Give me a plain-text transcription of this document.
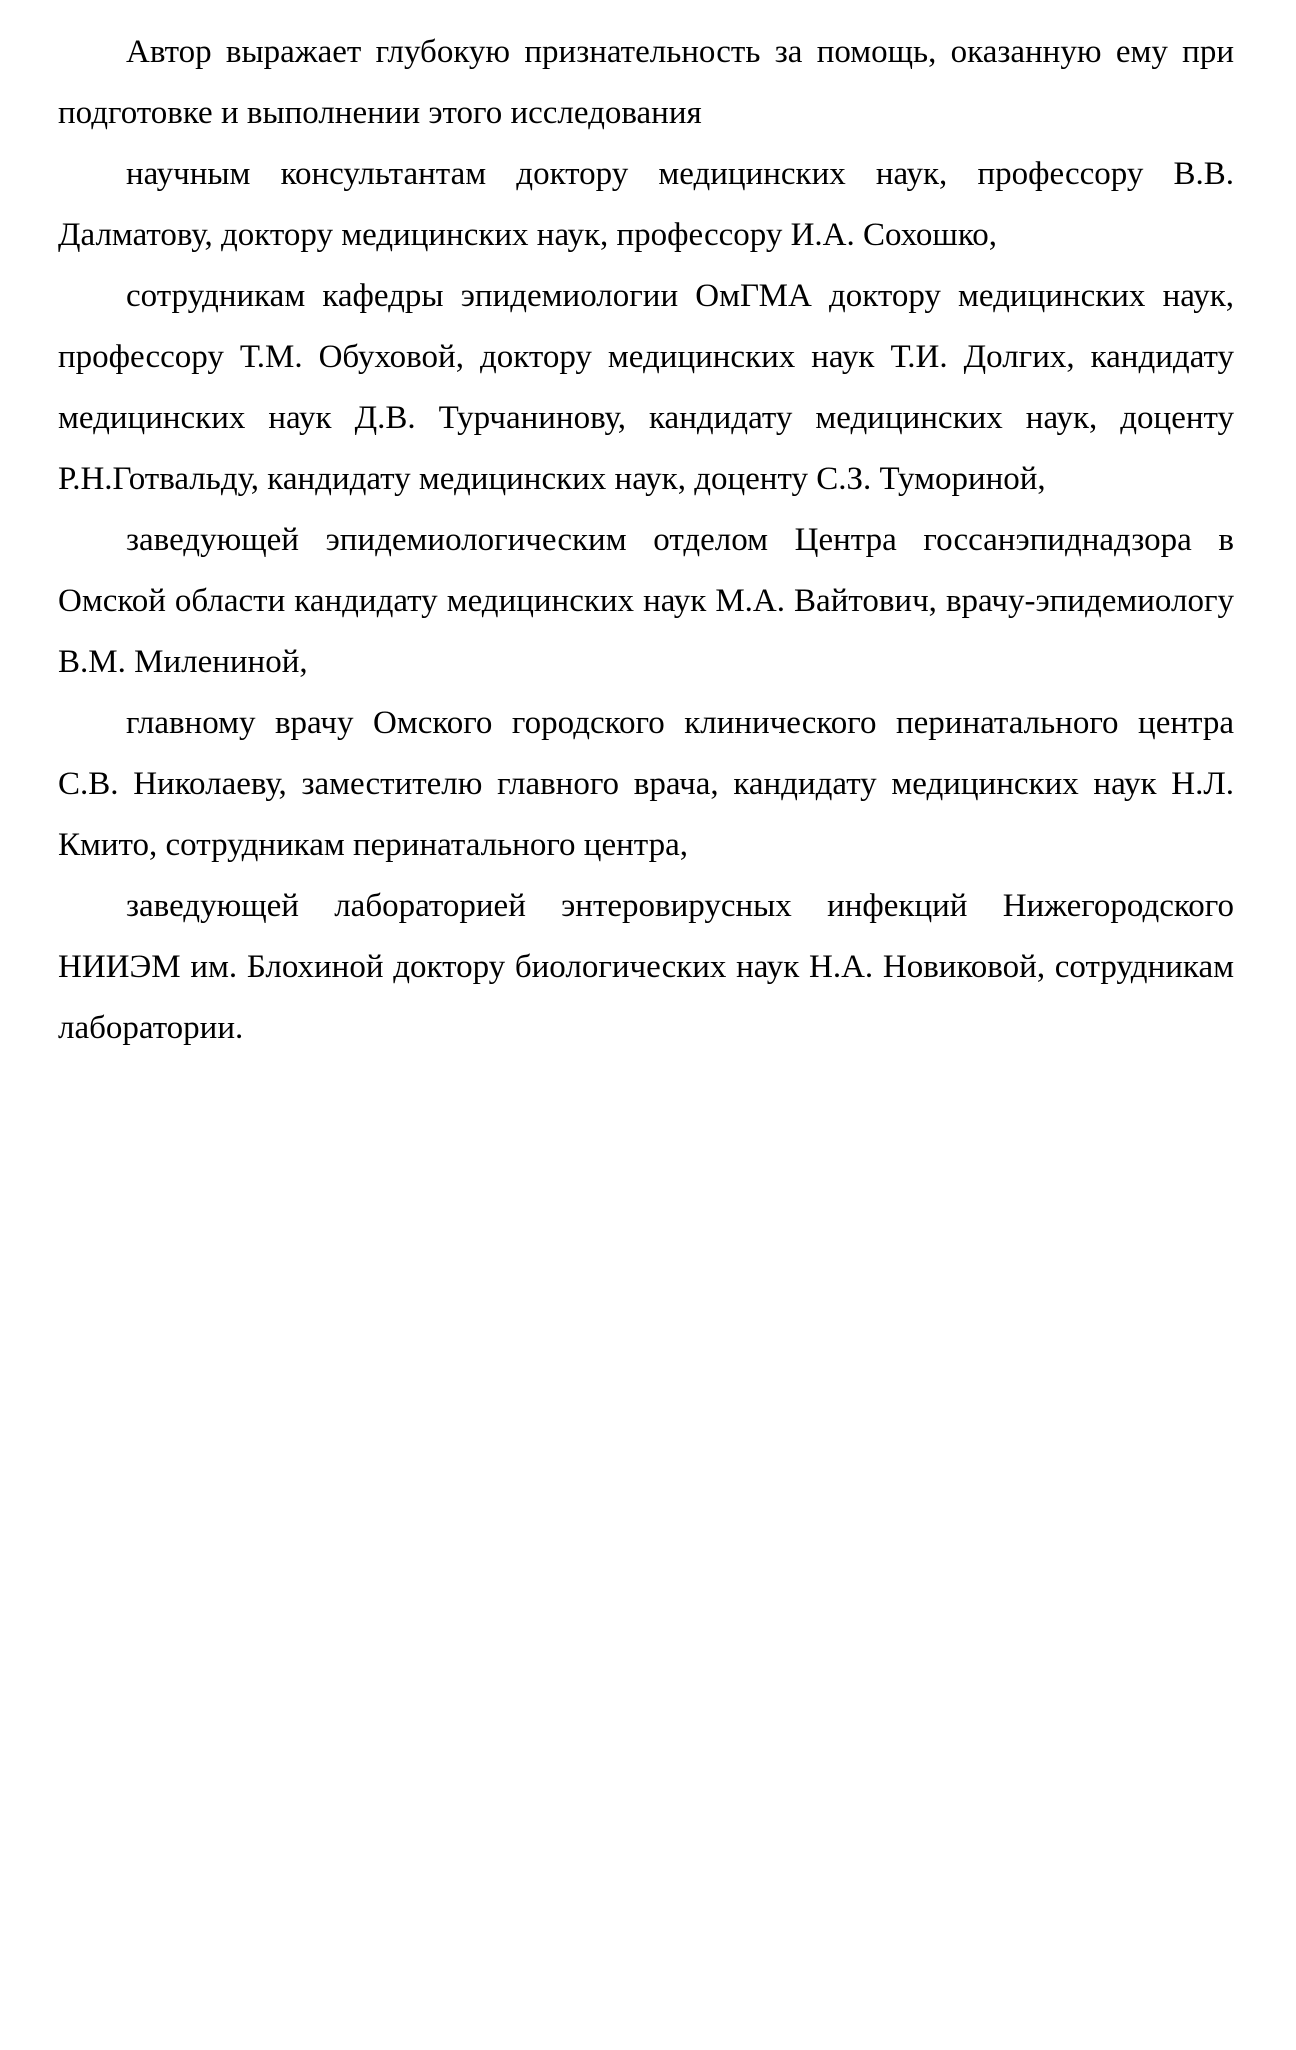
Автор выражает глубокую признательность за помощь, оказанную ему при подготовке и выполнении этого исследования

научным консультантам доктору медицинских наук, профессору В.В. Далматову, доктору медицинских наук, профессору И.А. Сохошко,

сотрудникам кафедры эпидемиологии ОмГМА доктору медицинских наук, профессору Т.М. Обуховой, доктору медицинских наук Т.И. Долгих, кандидату медицинских наук Д.В. Турчанинову, кандидату медицинских наук, доценту Р.Н.Готвальду, кандидату медицинских наук, доценту С.З. Тумориной,

заведующей эпидемиологическим отделом Центра госсанэпиднадзора в Омской области кандидату медицинских наук М.А. Вайтович, врачу-эпидемиологу В.М. Милениной,

главному врачу Омского городского клинического перинатального центра С.В. Николаеву, заместителю главного врача, кандидату медицинских наук Н.Л. Кмито, сотрудникам перинатального центра,

заведующей лабораторией энтеровирусных инфекций Нижегородского НИИЭМ им. Блохиной доктору биологических наук Н.А. Новиковой, сотрудникам лаборатории.
